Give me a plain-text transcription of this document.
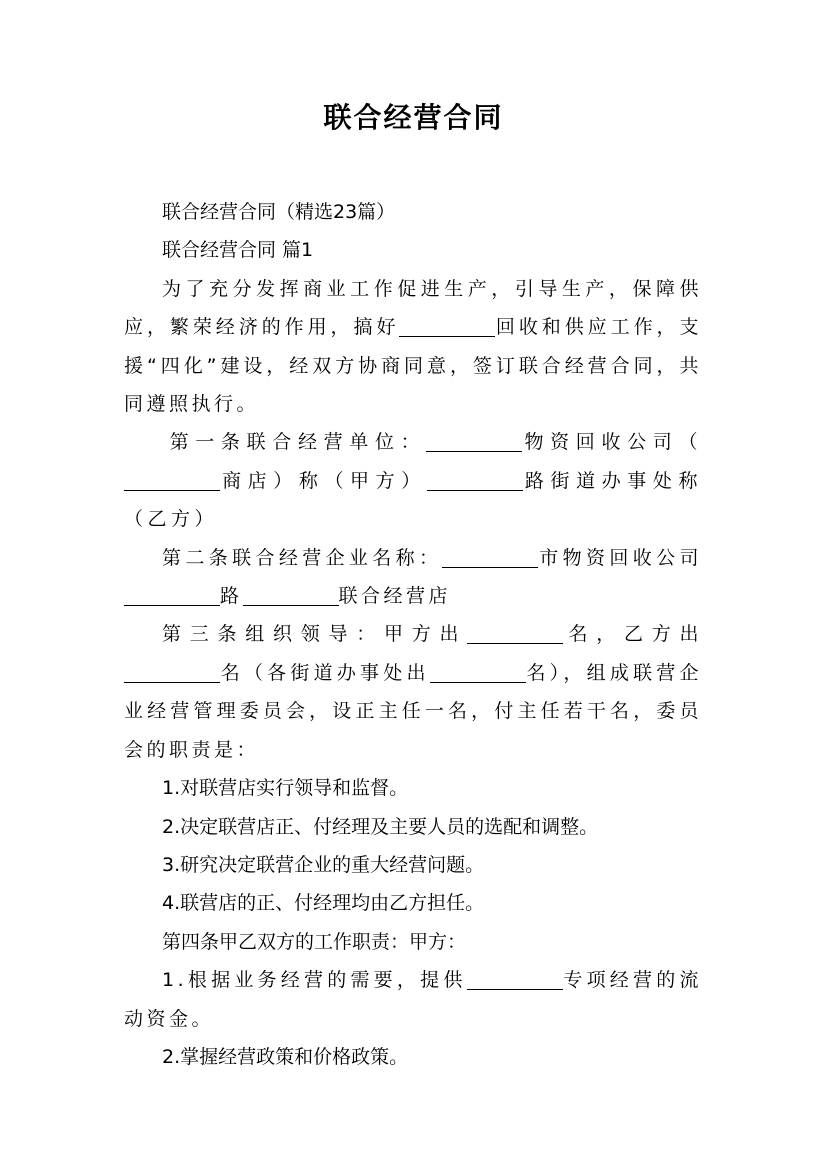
联合经营合同

联合经营合同（精选23篇）

联合经营合同 篇1

为了充分发挥商业工作促进生产，引导生产，保障供应，繁荣经济的作用，搞好	回收和供应工作，支援“四化”建设，经双方协商同意，签订联合经营合同，共同遵照执行。

第一条联合经营单位：	物资回收公司（商店）称（甲方）	路街道办事处称（乙方）

第二条联合经营企业名称：	市物资回收公司路	联合经营店

第三条组织领导：甲方出	名，乙方出名（各街道办事处出	名），组成联营企业经营管理委员会，设正主任一名，付主任若干名，委员会的职责是：

1.对联营店实行领导和监督。

2.决定联营店正、付经理及主要人员的选配和调整。

3.研究决定联营企业的重大经营问题。

4.联营店的正、付经理均由乙方担任。

第四条甲乙双方的工作职责：甲方：

1.根据业务经营的需要，提供	专项经营的流动资金。

2.掌握经营政策和价格政策。
